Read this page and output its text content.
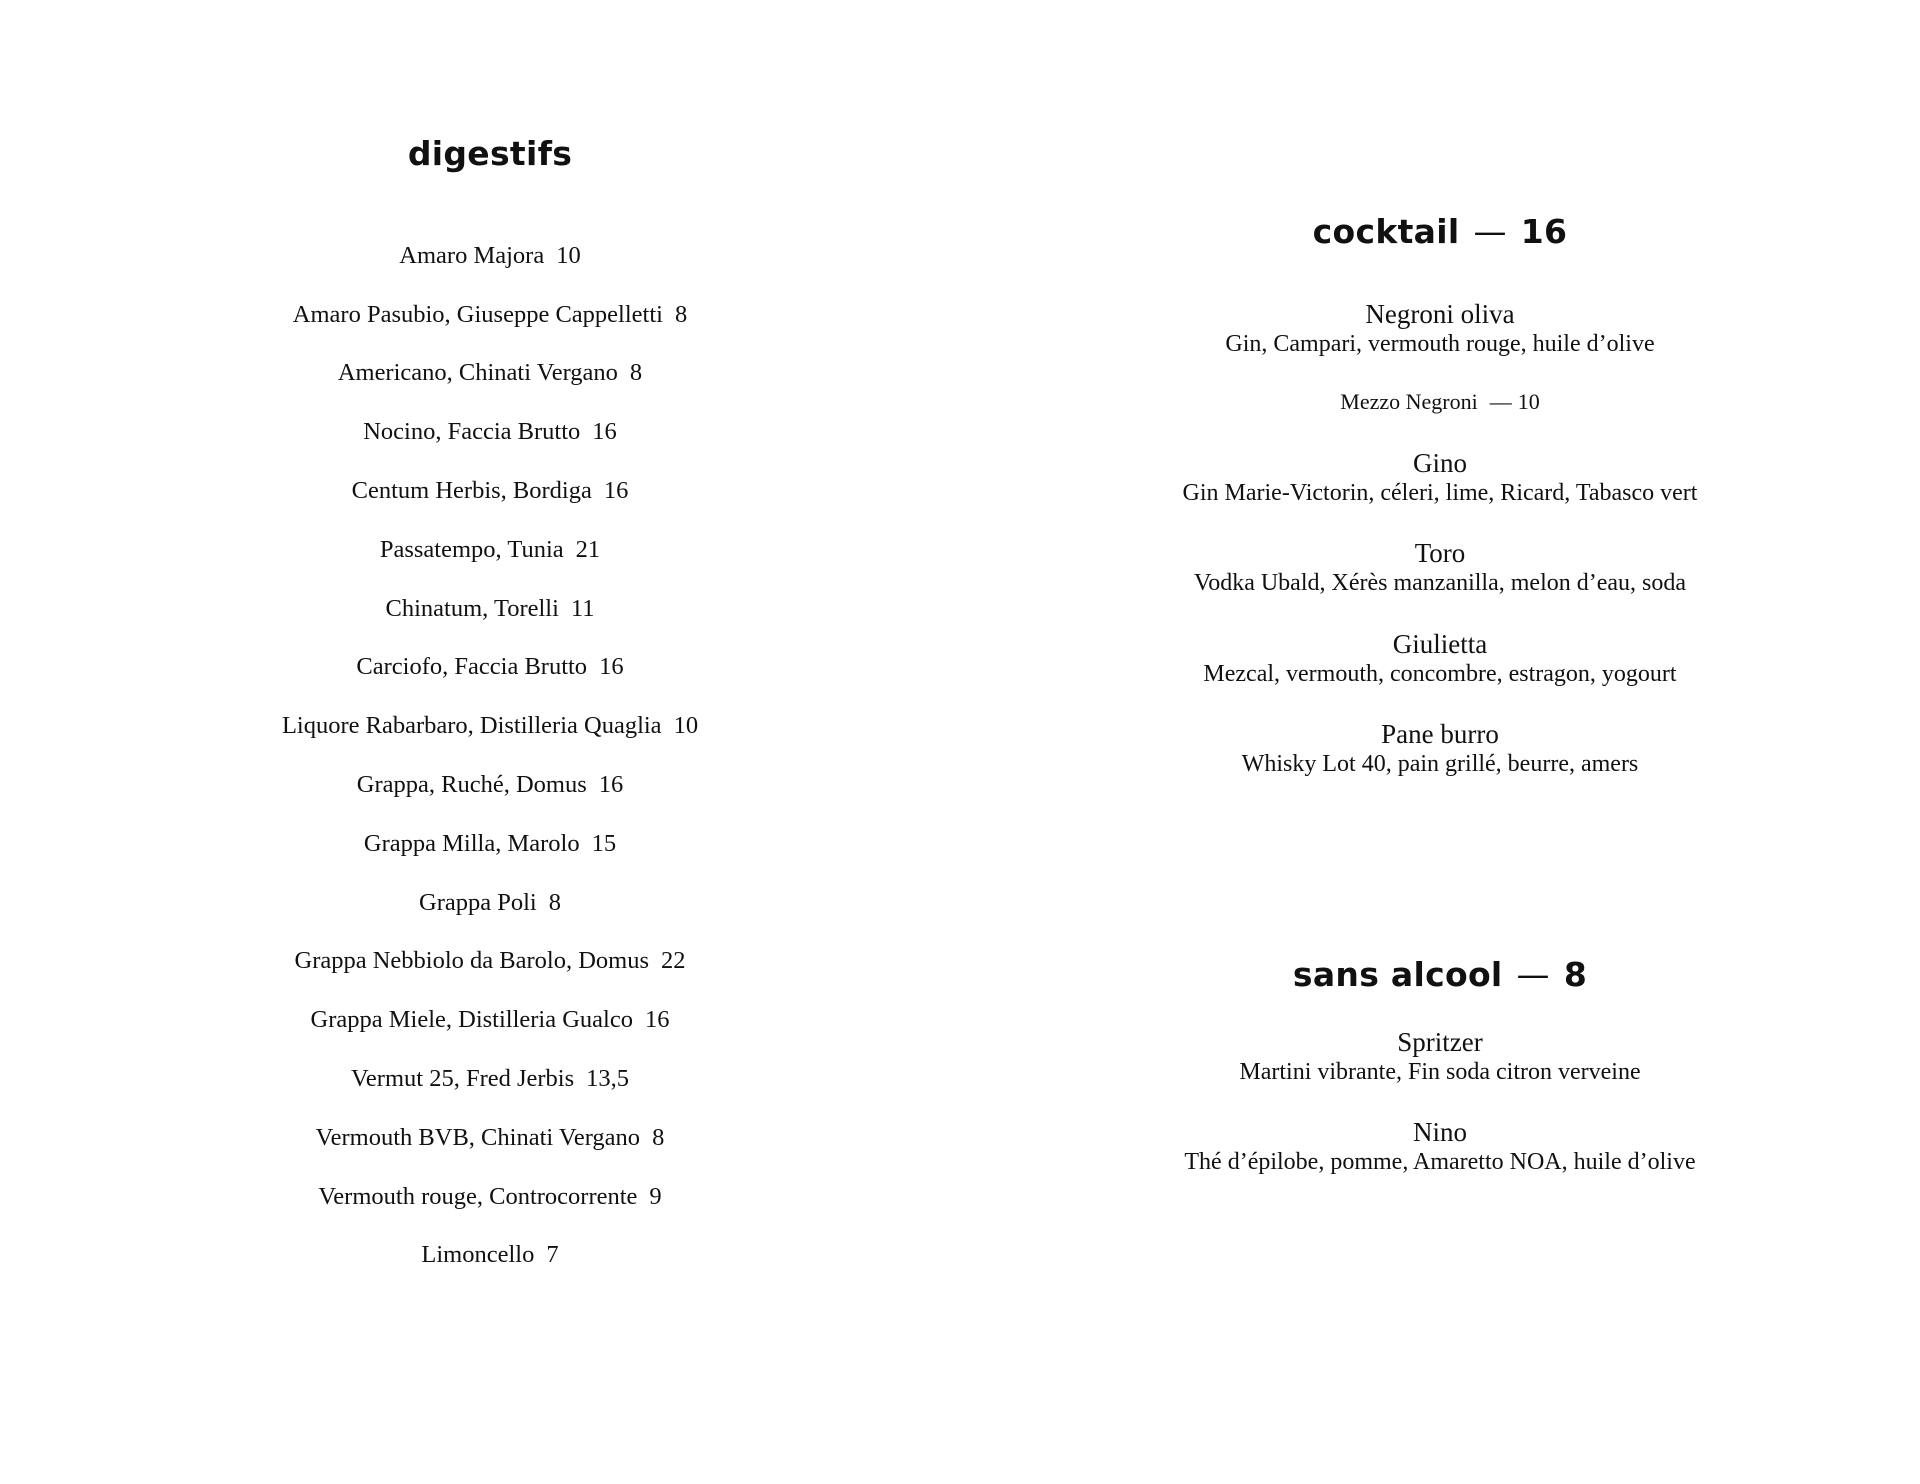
digestifs
Amaro Majora 10
Amaro Pasubio, Giuseppe Cappelletti 8
Americano, Chinati Vergano 8
Nocino, Faccia Brutto 16
Centum Herbis, Bordiga 16
Passatempo, Tunia 21
Chinatum, Torelli 11
Carciofo, Faccia Brutto 16
Liquore Rabarbaro, Distilleria Quaglia 10
Grappa, Ruché, Domus 16
Grappa Milla, Marolo 15
Grappa Poli 8
Grappa Nebbiolo da Barolo, Domus 22
Grappa Miele, Distilleria Gualco 16
Vermut 25, Fred Jerbis 13,5
Vermouth BVB, Chinati Vergano 8
Vermouth rouge, Controcorrente 9
Limoncello 7
cocktail — 16
Negroni oliva
Gin, Campari, vermouth rouge, huile d’olive
Mezzo Negroni — 10
Gino
Gin Marie-Victorin, céleri, lime, Ricard, Tabasco vert
Toro
Vodka Ubald, Xérès manzanilla, melon d’eau, soda
Giulietta
Mezcal, vermouth, concombre, estragon, yogourt
Pane burro
Whisky Lot 40, pain grillé, beurre, amers
sans alcool — 8
Spritzer
Martini vibrante, Fin soda citron verveine
Nino
Thé d’épilobe, pomme, Amaretto NOA, huile d’olive
